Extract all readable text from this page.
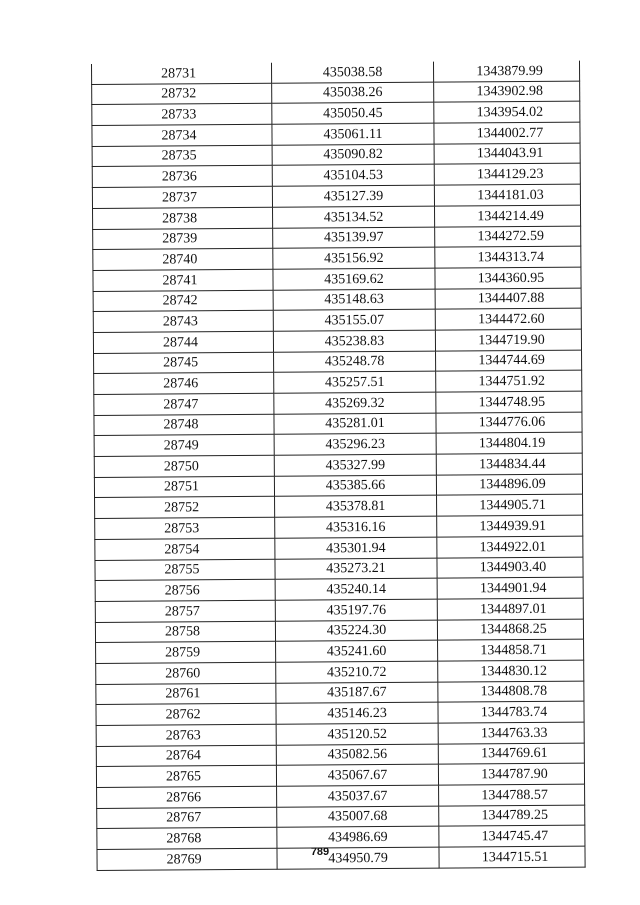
28731	435038.58	1343879.99
28732	435038.26	1343902.98
28733	435050.45	1343954.02
28734	435061.11	1344002.77
28735	435090.82	1344043.91
28736	435104.53	1344129.23
28737	435127.39	1344181.03
28738	435134.52	1344214.49
28739	435139.97	1344272.59
28740	435156.92	1344313.74
28741	435169.62	1344360.95
28742	435148.63	1344407.88
28743	435155.07	1344472.60
28744	435238.83	1344719.90
28745	435248.78	1344744.69
28746	435257.51	1344751.92
28747	435269.32	1344748.95
28748	435281.01	1344776.06
28749	435296.23	1344804.19
28750	435327.99	1344834.44
28751	435385.66	1344896.09
28752	435378.81	1344905.71
28753	435316.16	1344939.91
28754	435301.94	1344922.01
28755	435273.21	1344903.40
28756	435240.14	1344901.94
28757	435197.76	1344897.01
28758	435224.30	1344868.25
28759	435241.60	1344858.71
28760	435210.72	1344830.12
28761	435187.67	1344808.78
28762	435146.23	1344783.74
28763	435120.52	1344763.33
28764	435082.56	1344769.61
28765	435067.67	1344787.90
28766	435037.67	1344788.57
28767	435007.68	1344789.25
28768	434986.69	1344745.47
28769	434950.79	1344715.51
789
